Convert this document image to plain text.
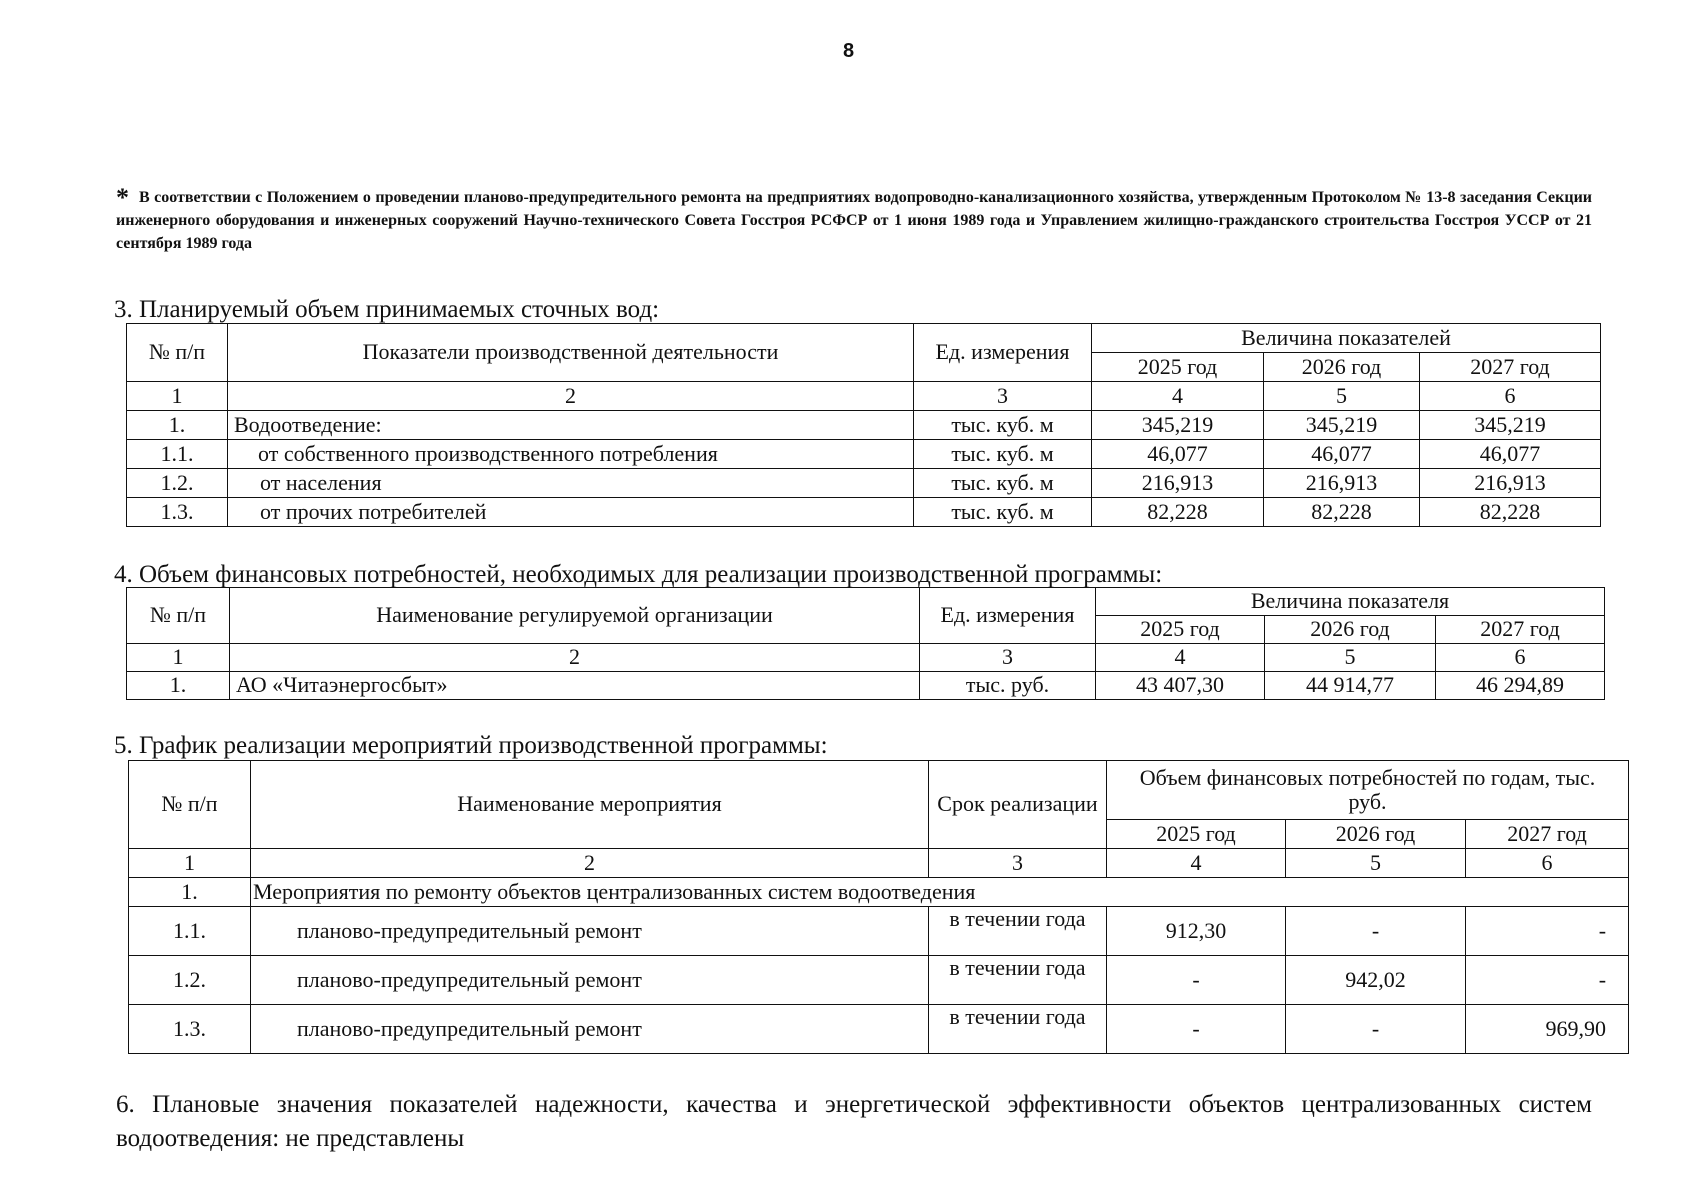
8
* В соответствии с Положением о проведении планово-предупредительного ремонта на предприятиях водопроводно-канализационного хозяйства, утвержденным Протоколом № 13-8 заседания Секции инженерного оборудования и инженерных сооружений Научно-технического Совета Госстроя РСФСР от 1 июня 1989 года и Управлением жилищно-гражданского строительства Госстроя УССР от 21 сентября 1989 года
3. Планируемый объем принимаемых сточных вод:
№ п/п	Показатели производственной деятельности	Ед. измерения	Величина показателей		
			2025 год	2026 год	2027 год
1	2	3	4	5	6
1.	Водоотведение:	тыс. куб. м	345,219	345,219	345,219
1.1.	от собственного производственного потребления	тыс. куб. м	46,077	46,077	46,077
1.2.	от населения	тыс. куб. м	216,913	216,913	216,913
1.3.	от прочих потребителей	тыс. куб. м	82,228	82,228	82,228
4. Объем финансовых потребностей, необходимых для реализации производственной программы:
№ п/п	Наименование регулируемой организации	Ед. измерения	Величина показателя		
			2025 год	2026 год	2027 год
1	2	3	4	5	6
1.	АО «Читаэнергосбыт»	тыс. руб.	43 407,30	44 914,77	46 294,89
5. График реализации мероприятий производственной программы:
№ п/п	Наименование мероприятия	Срок реализации	Объем финансовых потребностей по годам, тыс. руб.		
			2025 год	2026 год	2027 год
1	2	3	4	5	6
1.	Мероприятия по ремонту объектов централизованных систем водоотведения				
1.1.	планово-предупредительный ремонт	в течении года	912,30	-	-
1.2.	планово-предупредительный ремонт	в течении года	-	942,02	-
1.3.	планово-предупредительный ремонт	в течении года	-	-	969,90
6. Плановые значения показателей надежности, качества и энергетической эффективности объектов централизованных систем водоотведения: не представлены
